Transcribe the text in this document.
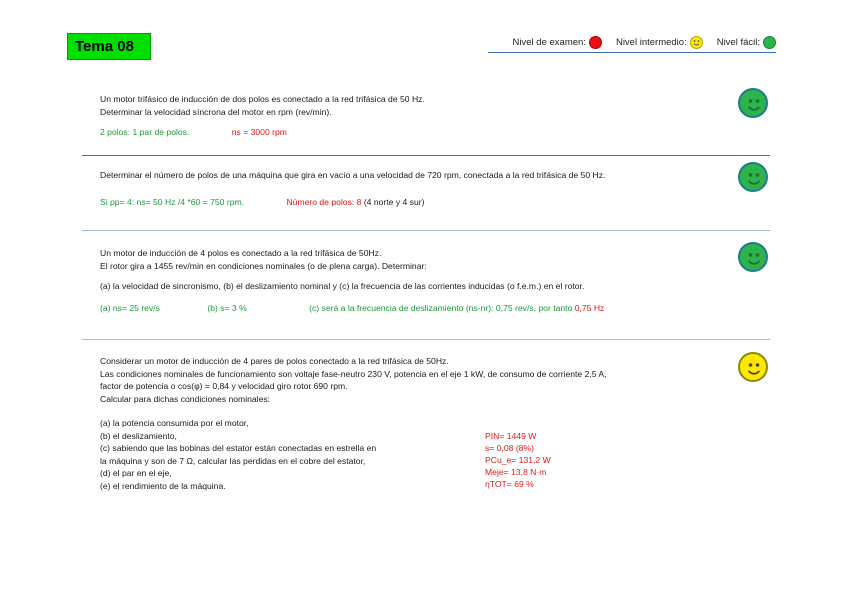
Tema 08	Nivel de examen:	Nivel intermedio:	Nivel fácil:

Un motor trifásico de inducción de dos polos es conectado a la red trifásica de 50 Hz.

Determinar la velocidad síncrona del motor en rpm (rev/min).

2 polos: 1 par de polos.	ns = 3000 rpm

Determinar el número de polos de una máquina que gira en vacío a una velocidad de 720 rpm, conectada a la red trifásica de 50 Hz.

Si pp= 4: ns= 50 Hz /4 *60 = 750 rpm.	Número de polos: 8 (4 norte y 4 sur)

Un motor de inducción de 4 polos es conectado a la red trifásica de 50Hz.

El rotor gira a 1455 rev/min en condiciones nominales (o de plena carga). Determinar:

(a) la velocidad de sincronismo, (b) el deslizamiento nominal y (c) la frecuencia de las corrientes inducidas (o f.e.m.) en el rotor.

(a) ns= 25 rev/s	(b) s= 3 %	(c) será a la frecuencia de deslizamiento (ns-nr): 0,75 rev/s, por tanto 0,75 Hz

Considerar un motor de inducción de 4 pares de polos conectado a la red trifásica de 50Hz.

Las condiciones nominales de funcionamiento son voltaje fase-neutro 230 V, potencia en el eje 1 kW, de consumo de corriente 2,5 A,

factor de potencia o cos(φ) = 0,84 y velocidad giro rotor 690 rpm.

Calcular para dichas condiciones nominales:

(a) la potencia consumida por el motor,

(b) el deslizamiento,

(c) sabiendo que las bobinas del estator están conectadas en estrella en

la máquina y son de 7 Ω, calcular las perdidas en el cobre del estator,

(d) el par en el eje,

(e) el rendimiento de la máquina.

PIN= 1449 W
s= 0,08 (8%)
PCu_e= 131,2 W
Meje= 13,8 N·m
ηTOT= 69 %
